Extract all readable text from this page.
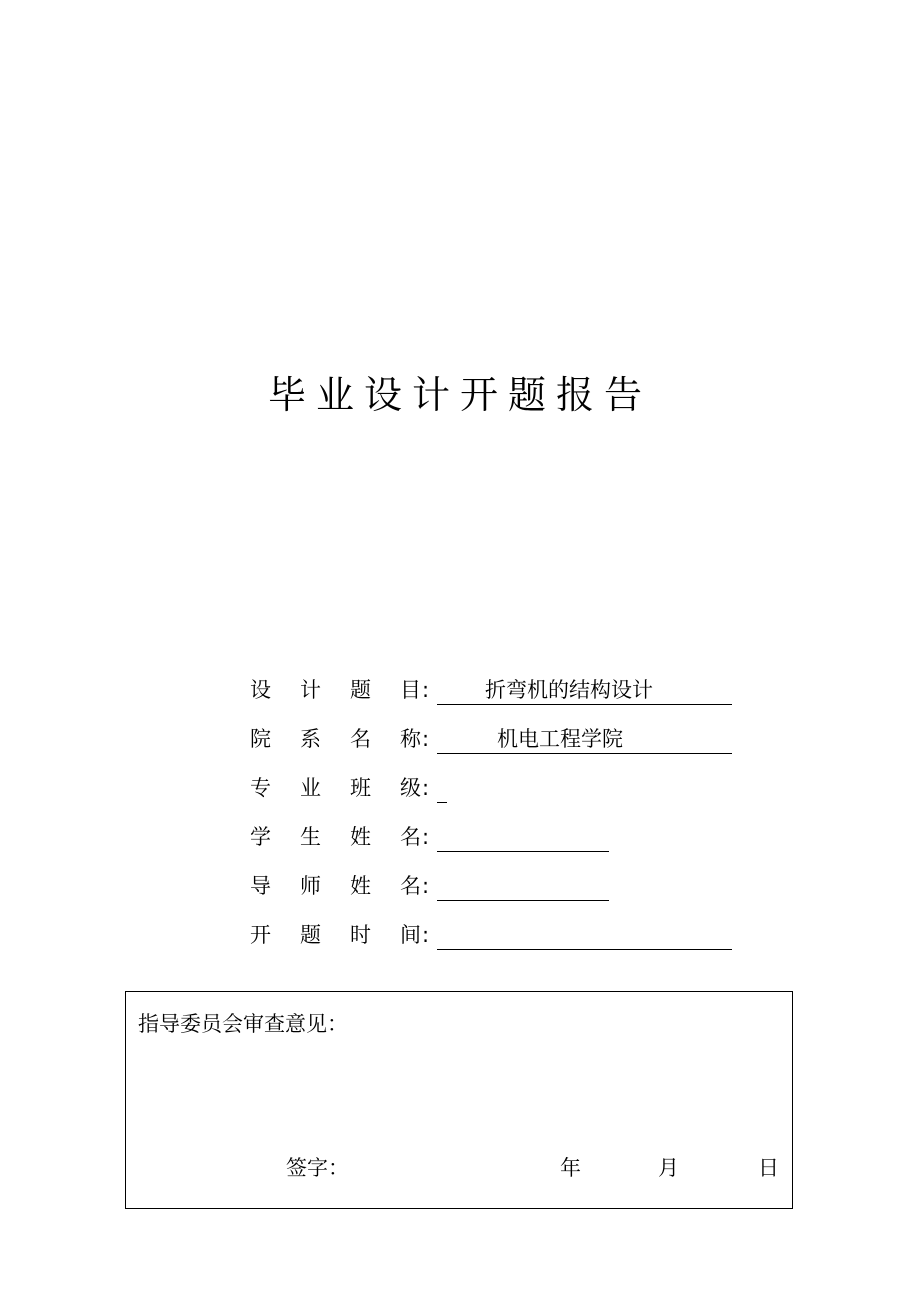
毕业设计开题报告
设 计 题 目 :	折弯机的结构设计
院 系 名 称 :	机电工程学院
专 业 班 级 :
学 生 姓 名 :
导 师 姓 名 :
开 题 时 间 :
指导委员会审查意见：
签字：	年	月	日
